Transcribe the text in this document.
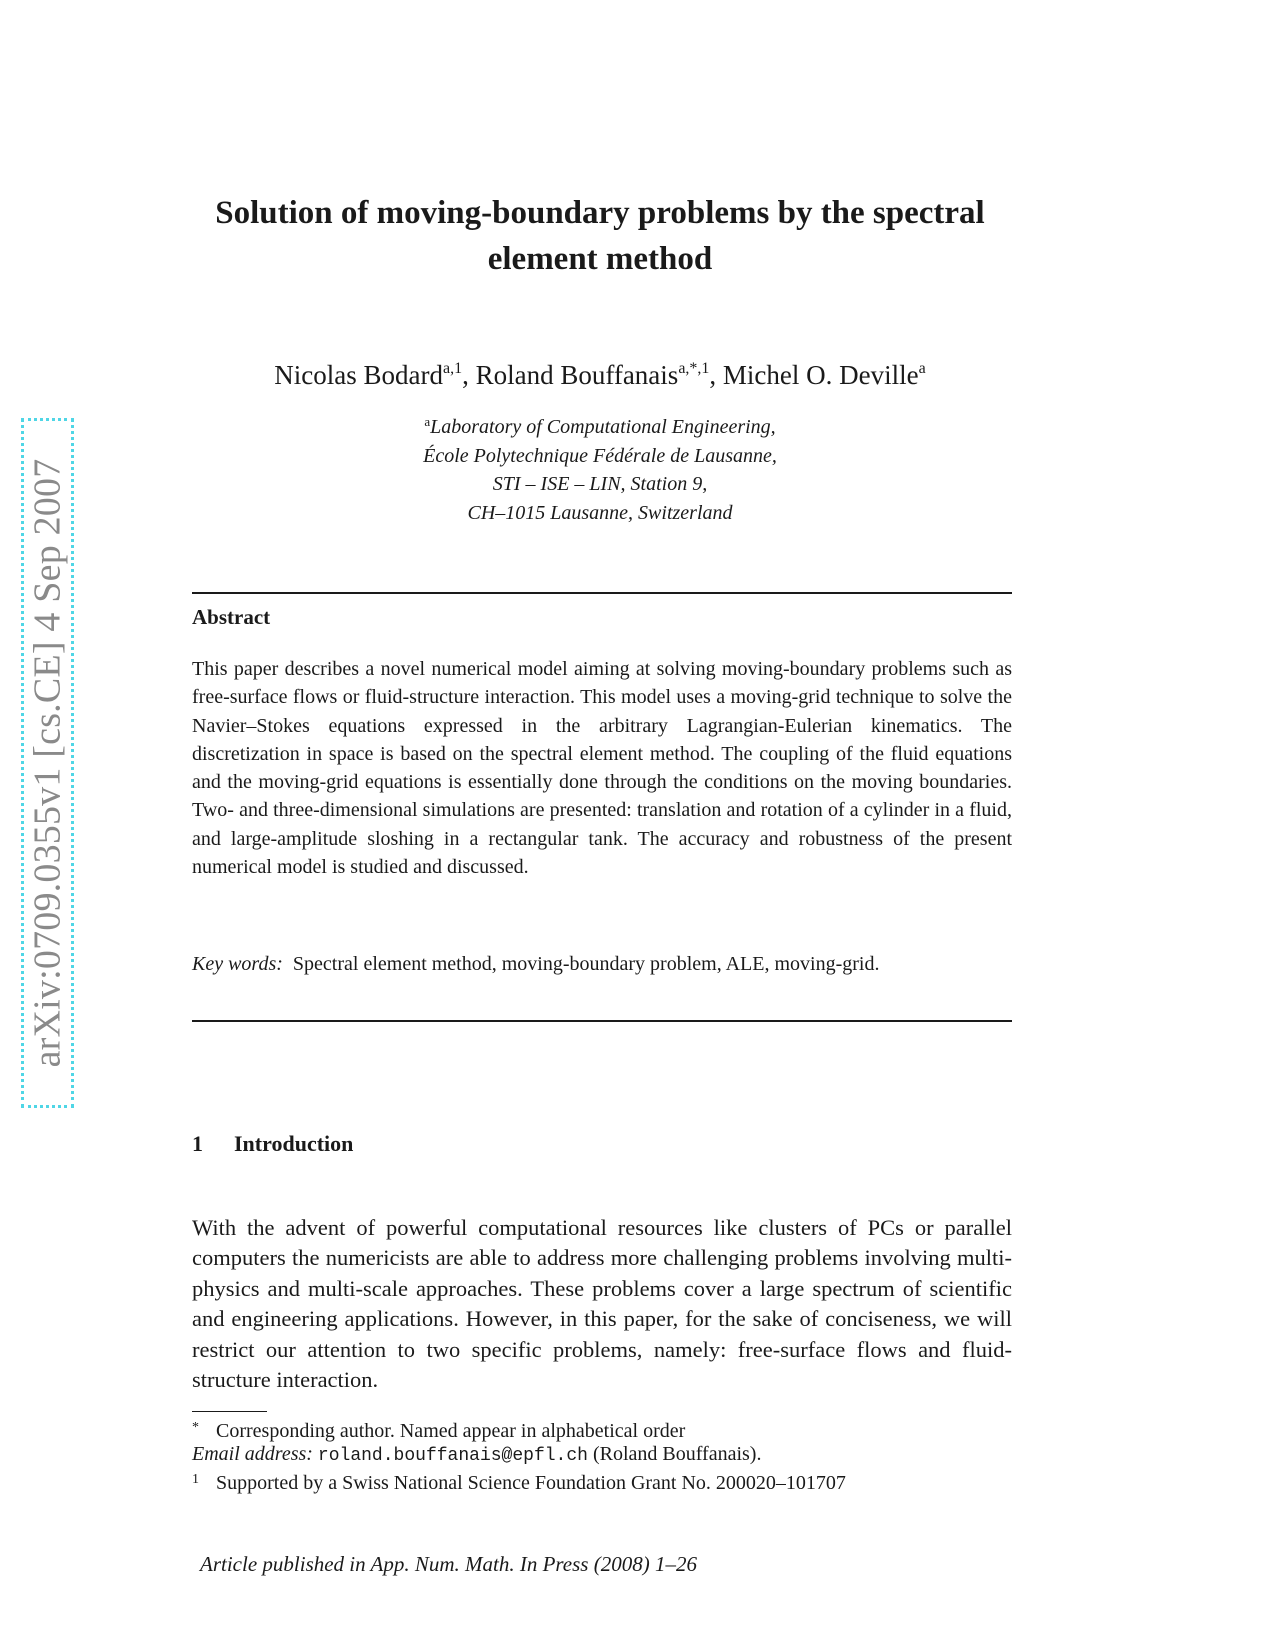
arXiv:0709.0355v1 [cs.CE] 4 Sep 2007
Solution of moving-boundary problems by the spectral element method
Nicolas Bodard$^{a,1}$, Roland Bouffanais$^{a,*,1}$, Michel O. Deville$^a$
$^a$Laboratory of Computational Engineering,
École Polytechnique Fédérale de Lausanne,
STI – ISE – LIN, Station 9,
CH–1015 Lausanne, Switzerland
Abstract

This paper describes a novel numerical model aiming at solving moving-boundary problems such as free-surface flows or fluid-structure interaction. This model uses a moving-grid technique to solve the Navier–Stokes equations expressed in the arbitrary Lagrangian-Eulerian kinematics. The discretization in space is based on the spectral element method. The coupling of the fluid equations and the moving-grid equations is essentially done through the conditions on the moving boundaries. Two- and three-dimensional simulations are presented: translation and rotation of a cylinder in a fluid, and large-amplitude sloshing in a rectangular tank. The accuracy and robustness of the present numerical model is studied and discussed.

Key words: Spectral element method, moving-boundary problem, ALE, moving-grid.

1 Introduction

With the advent of powerful computational resources like clusters of PCs or parallel computers the numericists are able to address more challenging problems involving multi-physics and multi-scale approaches. These problems cover a large spectrum of scientific and engineering applications. However, in this paper, for the sake of conciseness, we will restrict our attention to two specific problems, namely: free-surface flows and fluid-structure interaction.

* Corresponding author. Named appear in alphabetical order
Email address: roland.bouffanais@epfl.ch (Roland Bouffanais).
1 Supported by a Swiss National Science Foundation Grant No. 200020–101707
Article published in App. Num. Math. In Press (2008) 1–26
